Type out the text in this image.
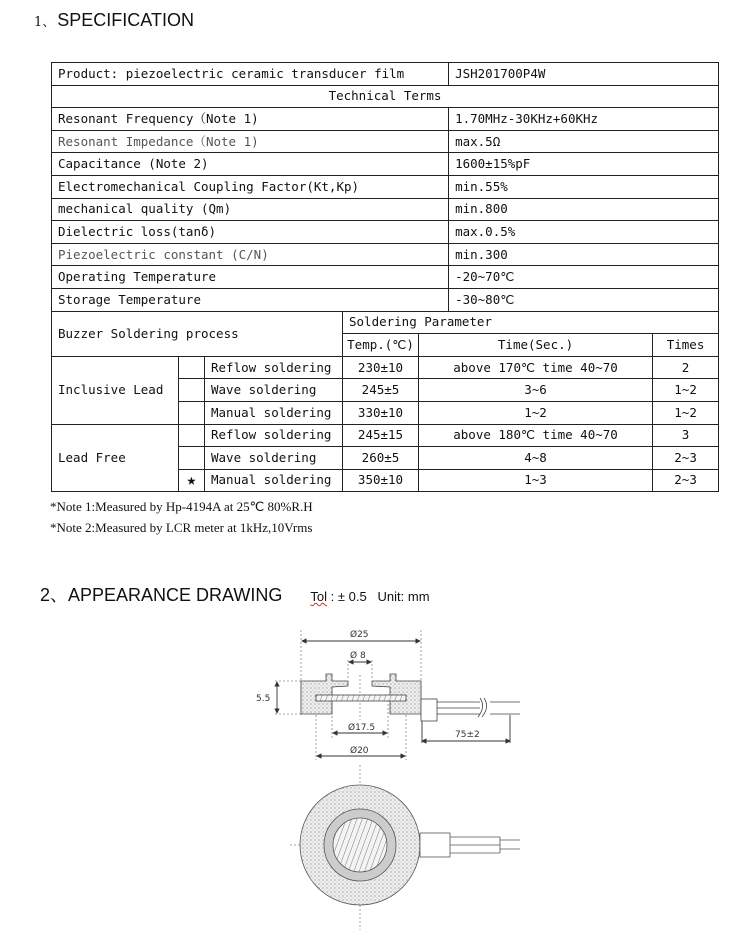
1、 SPECIFICATION
Product: piezoelectric ceramic transducer film					JSH201700P4W	
Technical Terms						
Resonant Frequency（Note 1)					1.70MHz-30KHz+60KHz	
Resonant Impedance（Note 1)					max.5Ω	
Capacitance (Note 2)					1600±15%pF	
Electromechanical Coupling Factor(Kt,Kp)					min.55%	
mechanical quality (Qm)					min.800	
Dielectric loss(tanδ)					max.0.5%	
Piezoelectric constant (C/N)					min.300	
Operating Temperature					-20~70℃	
Storage Temperature					-30~80℃	
Buzzer Soldering process			Soldering Parameter			
			Temp.(℃)	Time(Sec.)		Times
Inclusive Lead		Reflow soldering	230±10	above 170℃ time 40~70		2
		Wave soldering	245±5	3~6		1~2
		Manual soldering	330±10	1~2		1~2
Lead Free		Reflow soldering	245±15	above 180℃ time 40~70		3
		Wave soldering	260±5	4~8		2~3
	★	Manual soldering	350±10	1~3		2~3
*Note 1:Measured by Hp-4194A at 25℃ 80%R.H
*Note 2:Measured by LCR meter at 1kHz,10Vrms
2、APPEARANCE DRAWING Tol : ± 0.5 Unit: mm
Ø25
Ø 8
5.5
Ø17.5
Ø20
75±2
